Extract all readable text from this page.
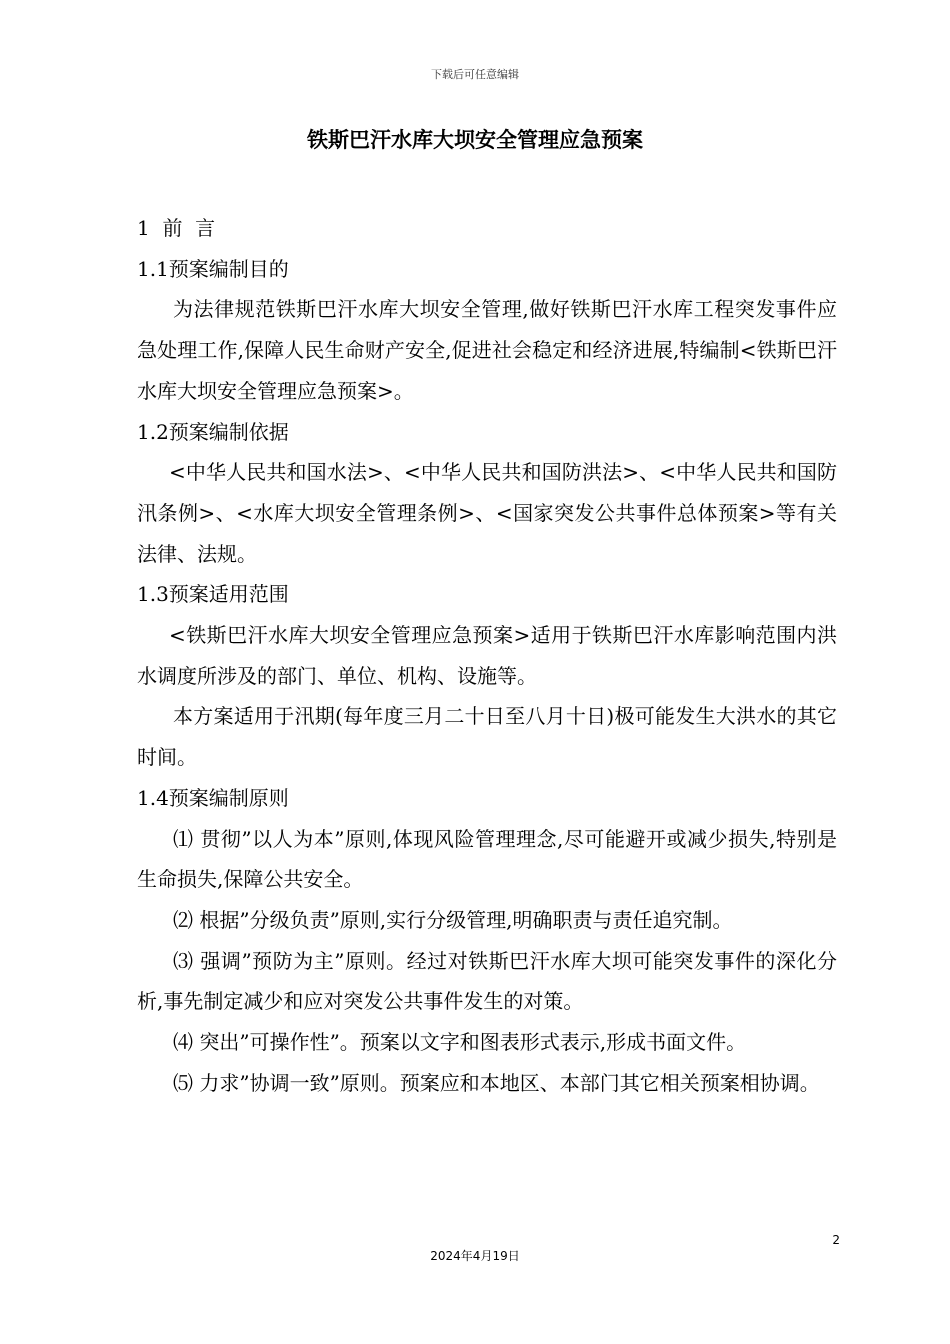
下载后可任意编辑
铁斯巴汗水库大坝安全管理应急预案

1  前  言

1.1预案编制目的

为法律规范铁斯巴汗水库大坝安全管理,做好铁斯巴汗水库工程突发事件应急处理工作,保障人民生命财产安全,促进社会稳定和经济进展,特编制<铁斯巴汗水库大坝安全管理应急预案>。

1.2预案编制依据

<中华人民共和国水法>、<中华人民共和国防洪法>、<中华人民共和国防汛条例>、<水库大坝安全管理条例>、<国家突发公共事件总体预案>等有关法律、法规。

1.3预案适用范围

<铁斯巴汗水库大坝安全管理应急预案>适用于铁斯巴汗水库影响范围内洪水调度所涉及的部门、单位、机构、设施等。

本方案适用于汛期(每年度三月二十日至八月十日)极可能发生大洪水的其它时间。

1.4预案编制原则

⑴ 贯彻”以人为本”原则,体现风险管理理念,尽可能避开或减少损失,特别是生命损失,保障公共安全。

⑵ 根据”分级负责”原则,实行分级管理,明确职责与责任追究制。

⑶ 强调”预防为主”原则。经过对铁斯巴汗水库大坝可能突发事件的深化分析,事先制定减少和应对突发公共事件发生的对策。

⑷ 突出”可操作性”。预案以文字和图表形式表示,形成书面文件。

⑸ 力求”协调一致”原则。预案应和本地区、本部门其它相关预案相协调。

2
2024年4月19日
